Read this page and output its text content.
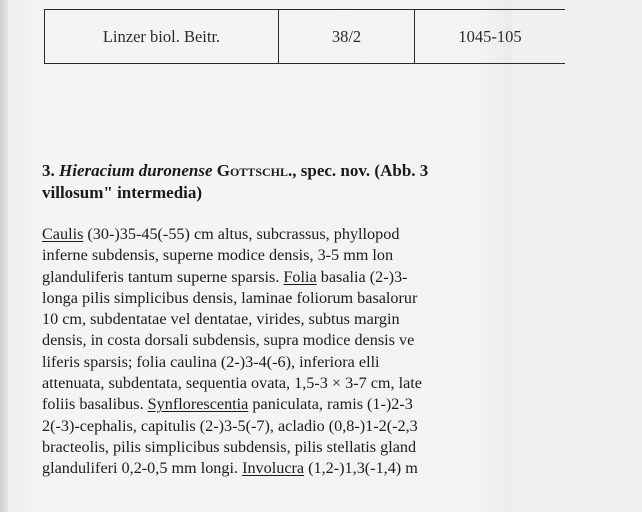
Linzer biol. Beitr.	38/2	1045-105
3. Hieracium duronense Gottschl., spec. nov. (Abb. 3
villosum" intermedia)
Caulis (30-)35-45(-55) cm altus, subcrassus, phyllopod
inferne subdensis, superne modice densis, 3-5 mm lon
glanduliferis tantum superne sparsis. Folia basalia (2-)3-
longa pilis simplicibus densis, laminae foliorum basalorur
10 cm, subdentatae vel dentatae, virides, subtus margin
densis, in costa dorsali subdensis, supra modice densis ve
liferis sparsis; folia caulina (2-)3-4(-6), inferiora elli
attenuata, subdentata, sequentia ovata, 1,5-3 × 3-7 cm, late
foliis basalibus. Synflorescentia paniculata, ramis (1-)2-3
2(-3)-cephalis, capitulis (2-)3-5(-7), acladio (0,8-)1-2(-2,3
bracteolis, pilis simplicibus subdensis, pilis stellatis gland
glanduliferi 0,2-0,5 mm longi. Involucra (1,2-)1,3(-1,4) m
